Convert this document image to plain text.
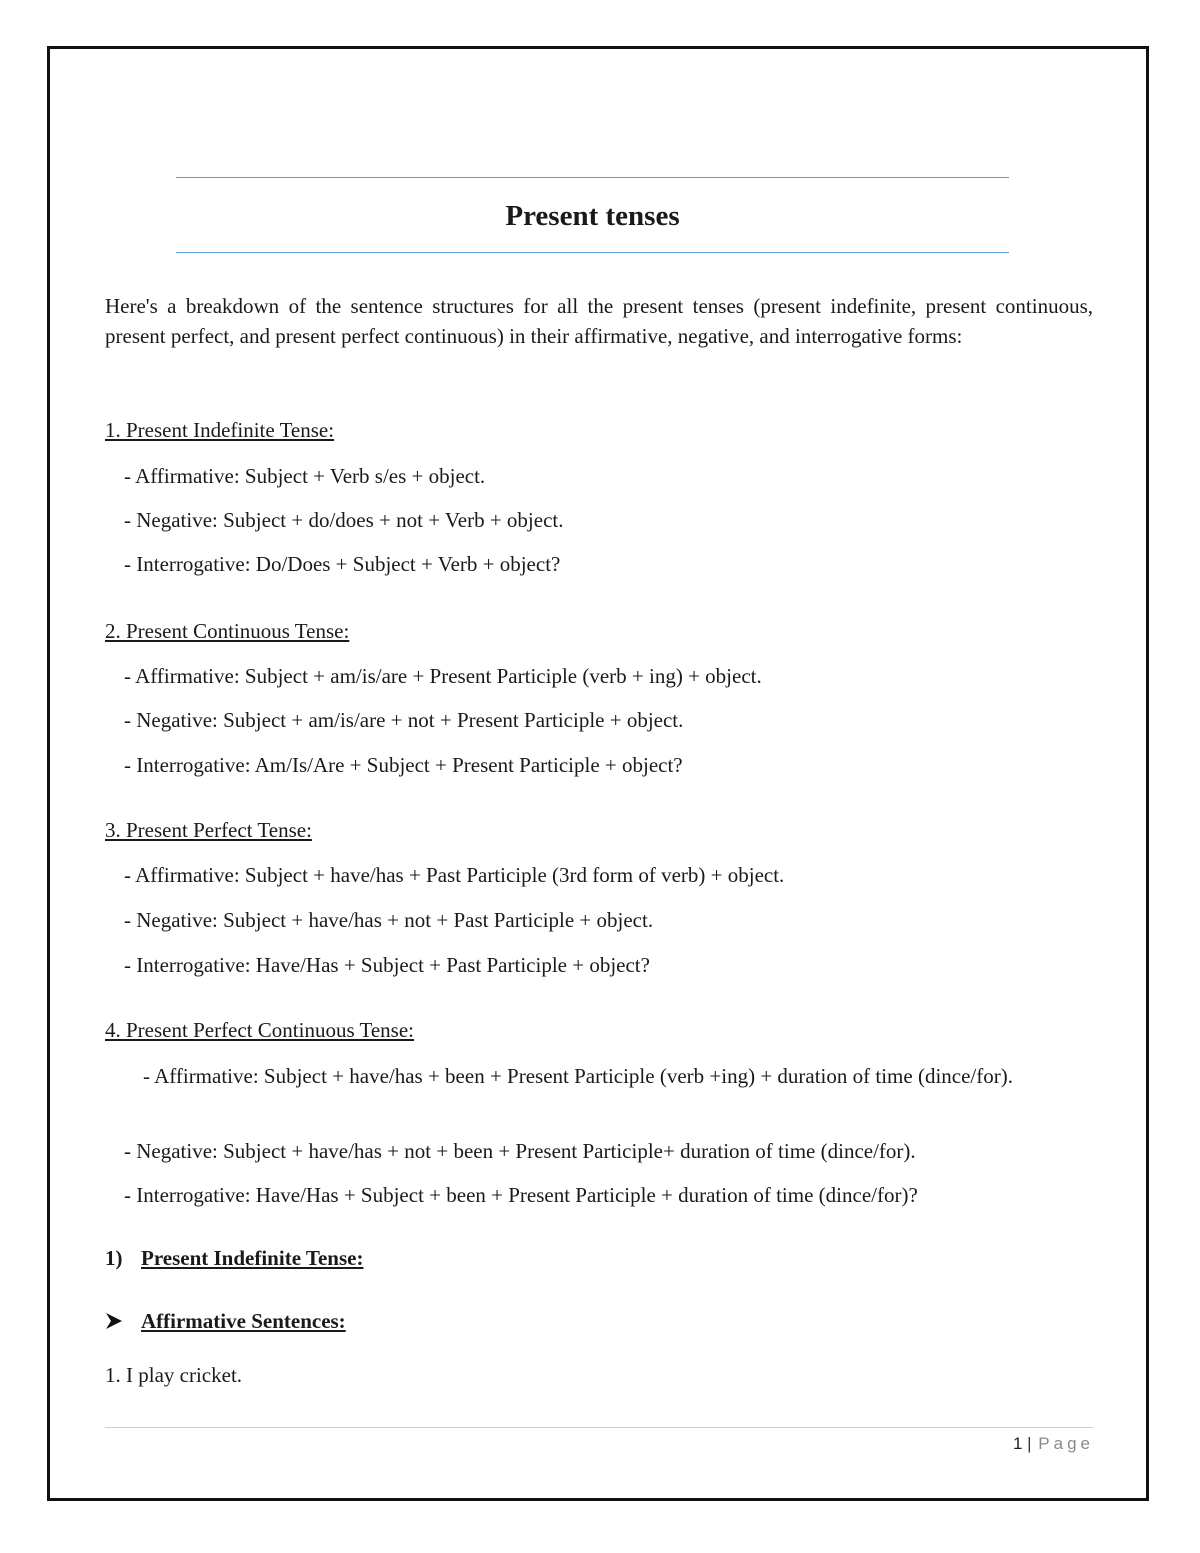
Present tenses
Here's a breakdown of the sentence structures for all the present tenses (present indefinite, present continuous, present perfect, and present perfect continuous) in their affirmative, negative, and interrogative forms:
1. Present Indefinite Tense:
- Affirmative: Subject + Verb s/es + object.
- Negative: Subject + do/does + not + Verb + object.
- Interrogative: Do/Does + Subject + Verb + object?
2. Present Continuous Tense:
- Affirmative: Subject + am/is/are + Present Participle (verb + ing) + object.
- Negative: Subject + am/is/are + not + Present Participle + object.
- Interrogative: Am/Is/Are + Subject + Present Participle + object?
3. Present Perfect Tense:
- Affirmative: Subject + have/has + Past Participle (3rd form of verb) + object.
- Negative: Subject + have/has + not + Past Participle + object.
- Interrogative: Have/Has + Subject + Past Participle + object?
4. Present Perfect Continuous Tense:
- Affirmative: Subject + have/has + been + Present Participle (verb +ing) + duration of time (dince/for).
- Negative: Subject + have/has + not + been + Present Participle+ duration of time (dince/for).
- Interrogative: Have/Has + Subject + been + Present Participle + duration of time (dince/for)?
1) Present Indefinite Tense:
Affirmative Sentences:
1. I play cricket.
1 | Page
